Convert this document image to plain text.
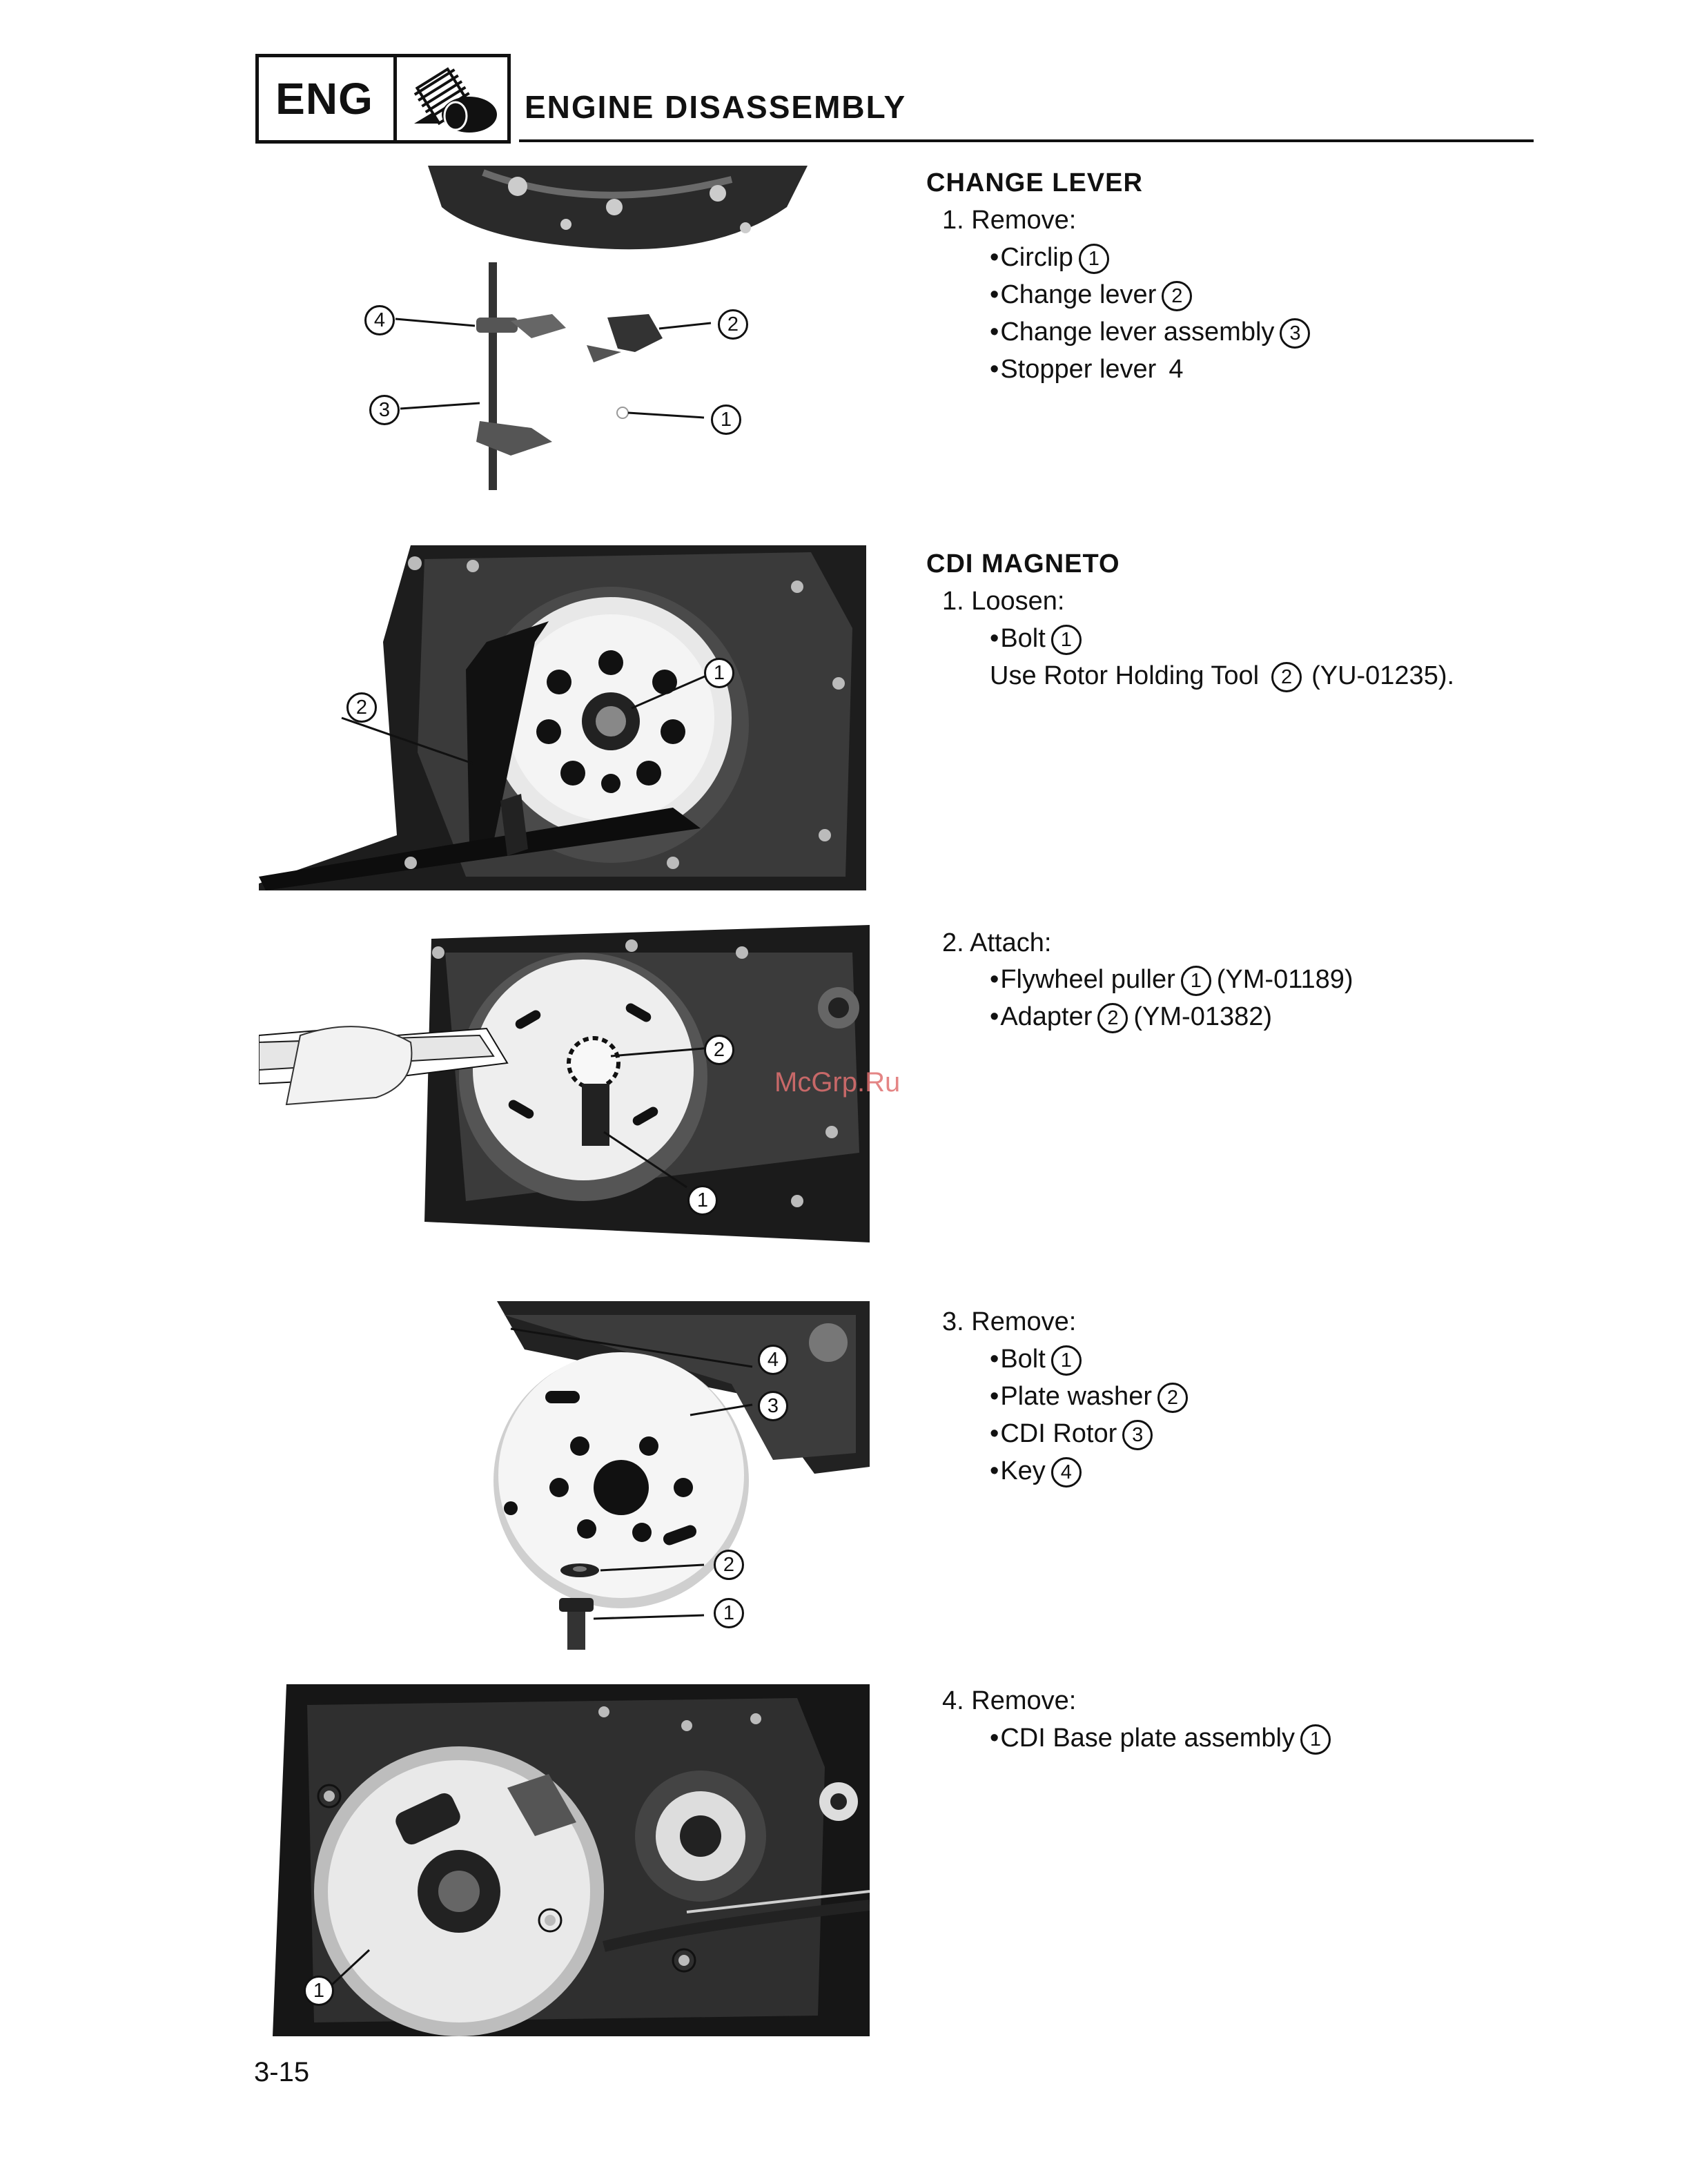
ENG	ENGINE DISASSEMBLY
4	2
3	1
1
2
2
1
McGrp.Ru
4
3
2
1
1
CHANGE LEVER
1. Remove:
• Circlip 1
• Change lever 2
• Change lever assembly 3
• Stopper lever 4
CDI MAGNETO
1. Loosen:
• Bolt 1
Use Rotor Holding Tool 2 (YU-01235).
2. Attach:
• Flywheel puller 1 (YM-01189)
• Adapter 2 (YM-01382)
3. Remove:
• Bolt 1
• Plate washer 2
• CDI Rotor 3
• Key 4
4. Remove:
• CDI Base plate assembly 1
3-15
